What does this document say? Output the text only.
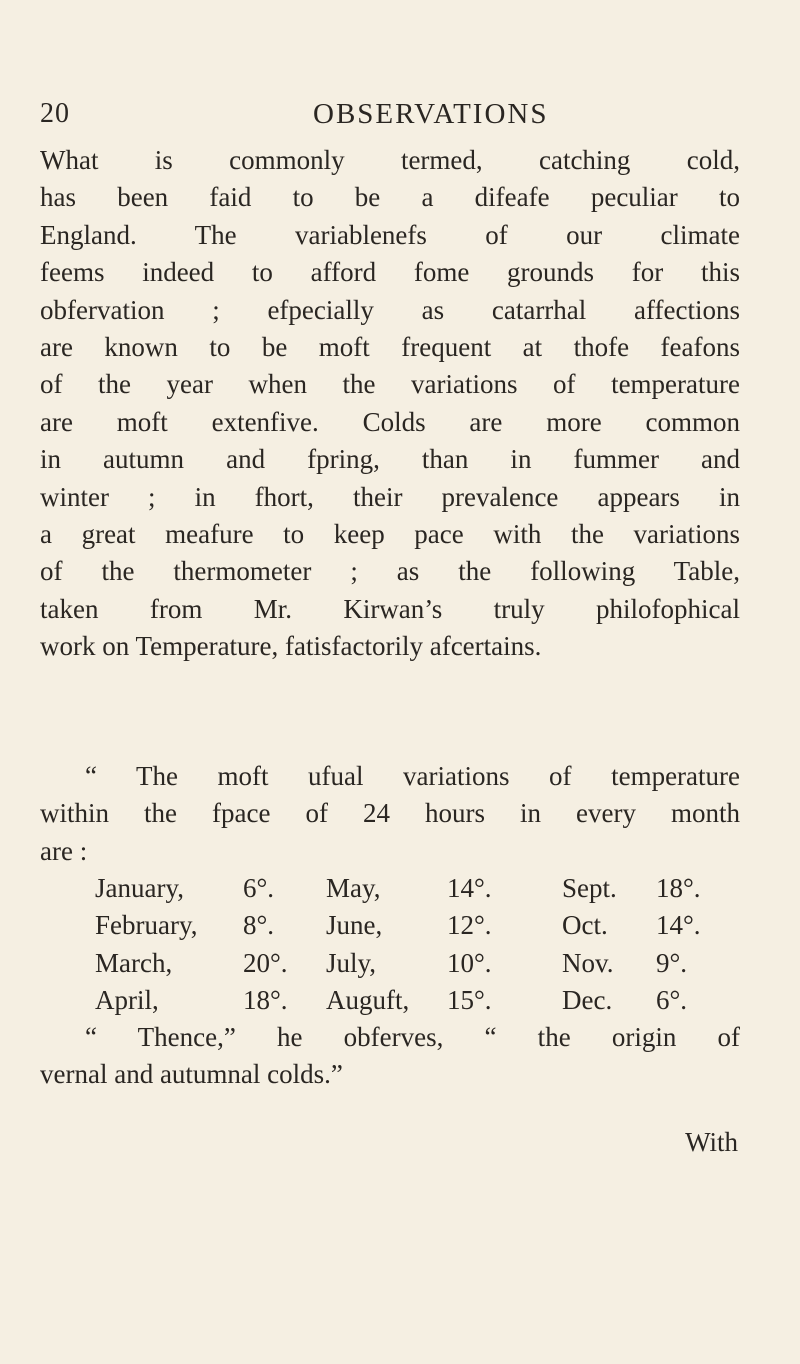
20	OBSERVATIONS
What is commonly termed, catching cold,
has been faid to be a difeafe peculiar to
England. The variablenefs of our climate
feems indeed to afford fome grounds for this
obfervation ; efpecially as catarrhal affections
are known to be moft frequent at thofe feafons
of the year when the variations of temperature
are moft extenfive. Colds are more common
in autumn and fpring, than in fummer and
winter ; in fhort, their prevalence appears in
a great meafure to keep pace with the variations
of the thermometer ; as the following Table,
taken from Mr. Kirwan’s truly philofophical
work on Temperature, fatisfactorily afcertains.
“ The moft ufual variations of temperature
within the fpace of 24 hours in every month
are :
January, 6°. May, 14°.	Sept. 18°.
February, 8°. June, 12°.	Oct. 14°.
March,	20°. July,	10°.	Nov. 9°.
April,	18°. Auguft, 15°.	Dec. 6°.
“ Thence,” he obferves, “ the origin of
vernal and autumnal colds.”
With
